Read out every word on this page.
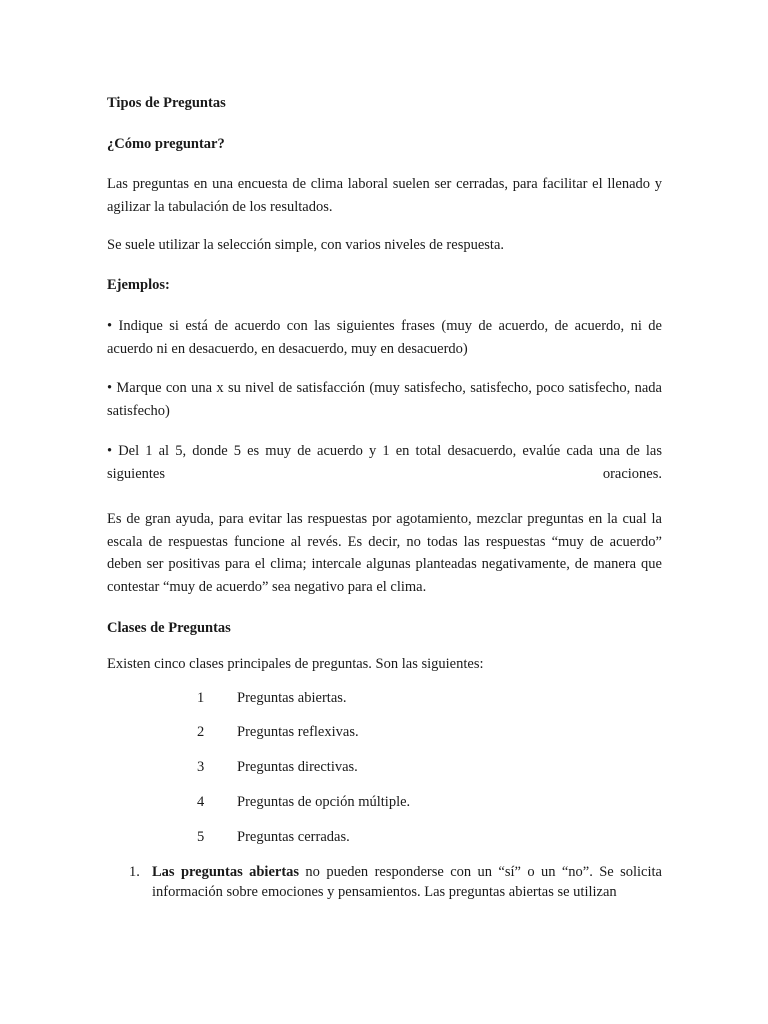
Tipos de Preguntas
¿Cómo preguntar?
Las preguntas en una encuesta de clima laboral suelen ser cerradas, para facilitar el llenado y agilizar la tabulación de los resultados.
Se suele utilizar la selección simple, con varios niveles de respuesta.
Ejemplos:
• Indique si está de acuerdo con las siguientes frases (muy de acuerdo, de acuerdo, ni de acuerdo ni en desacuerdo, en desacuerdo, muy en desacuerdo)
• Marque con una x su nivel de satisfacción (muy satisfecho, satisfecho, poco satisfecho, nada satisfecho)
• Del 1 al 5, donde 5 es muy de acuerdo y 1 en total desacuerdo, evalúe cada una de las
siguientes	oraciones.
Es de gran ayuda, para evitar las respuestas por agotamiento, mezclar preguntas en la cual la escala de respuestas funcione al revés. Es decir, no todas las respuestas “muy de acuerdo” deben ser positivas para el clima; intercale algunas planteadas negativamente, de manera que contestar “muy de acuerdo” sea negativo para el clima.
Clases de Preguntas
Existen cinco clases principales de preguntas. Son las siguientes:
1	Preguntas abiertas.
2	Preguntas reflexivas.
3	Preguntas directivas.
4	Preguntas de opción múltiple.
5	Preguntas cerradas.
1. Las preguntas abiertas no pueden responderse con un “sí” o un “no”. Se solicita información sobre emociones y pensamientos. Las preguntas abiertas se utilizan
